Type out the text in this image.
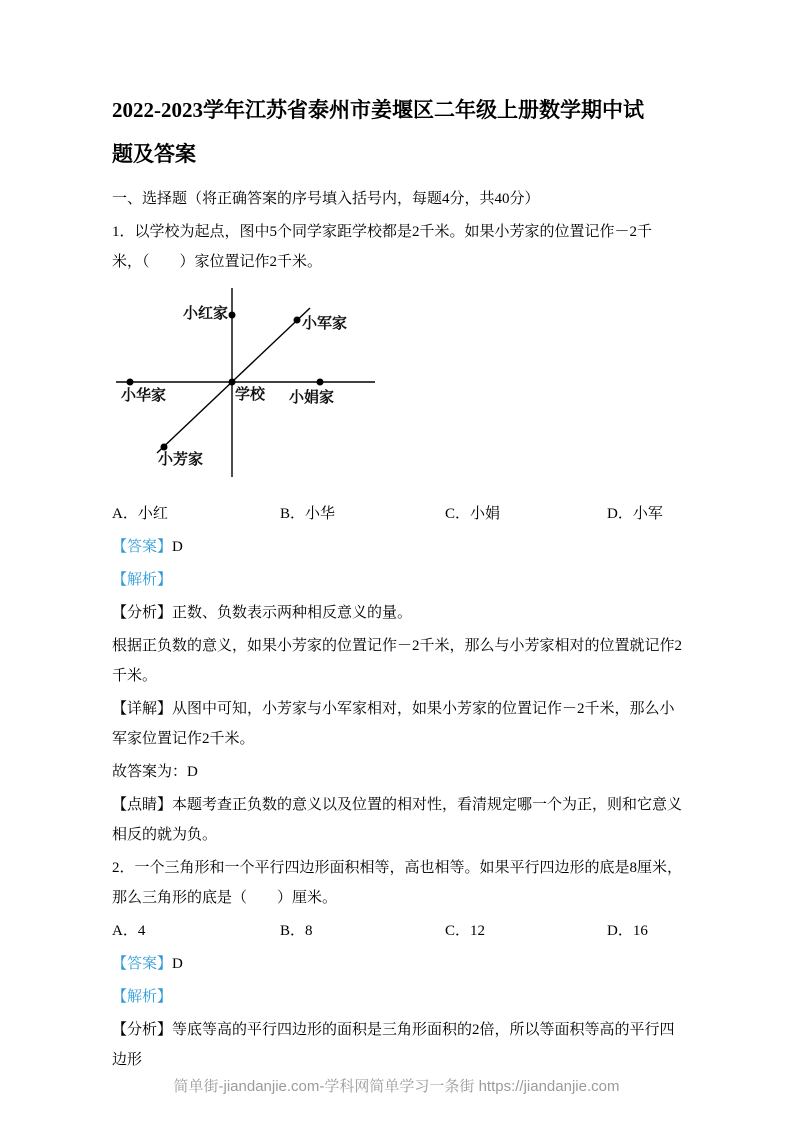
2022-2023学年江苏省泰州市姜堰区二年级上册数学期中试
题及答案

一、选择题（将正确答案的序号填入括号内，每题4分，共40分）

1．以学校为起点，图中5个同学家距学校都是2千米。如果小芳家的位置记作－2千米，（　　）家位置记作2千米。

小红家
小军家
小华家	学校 小娟家
小芳家
A．小红	B．小华	C．小娟	D．小军

【答案】D

【解析】

【分析】正数、负数表示两种相反意义的量。

根据正负数的意义，如果小芳家的位置记作－2千米，那么与小芳家相对的位置就记作2千米。

【详解】从图中可知，小芳家与小军家相对，如果小芳家的位置记作－2千米，那么小军家位置记作2千米。

故答案为：D

【点睛】本题考查正负数的意义以及位置的相对性，看清规定哪一个为正，则和它意义相反的就为负。

2．一个三角形和一个平行四边形面积相等，高也相等。如果平行四边形的底是8厘米，那么三角形的底是（　　）厘米。

A．4	B．8	C．12	D．16

【答案】D

【解析】

【分析】等底等高的平行四边形的面积是三角形面积的2倍，所以等面积等高的平行四边形

简单街-jiandanjie.com-学科网简单学习一条街 https://jiandanjie.com
